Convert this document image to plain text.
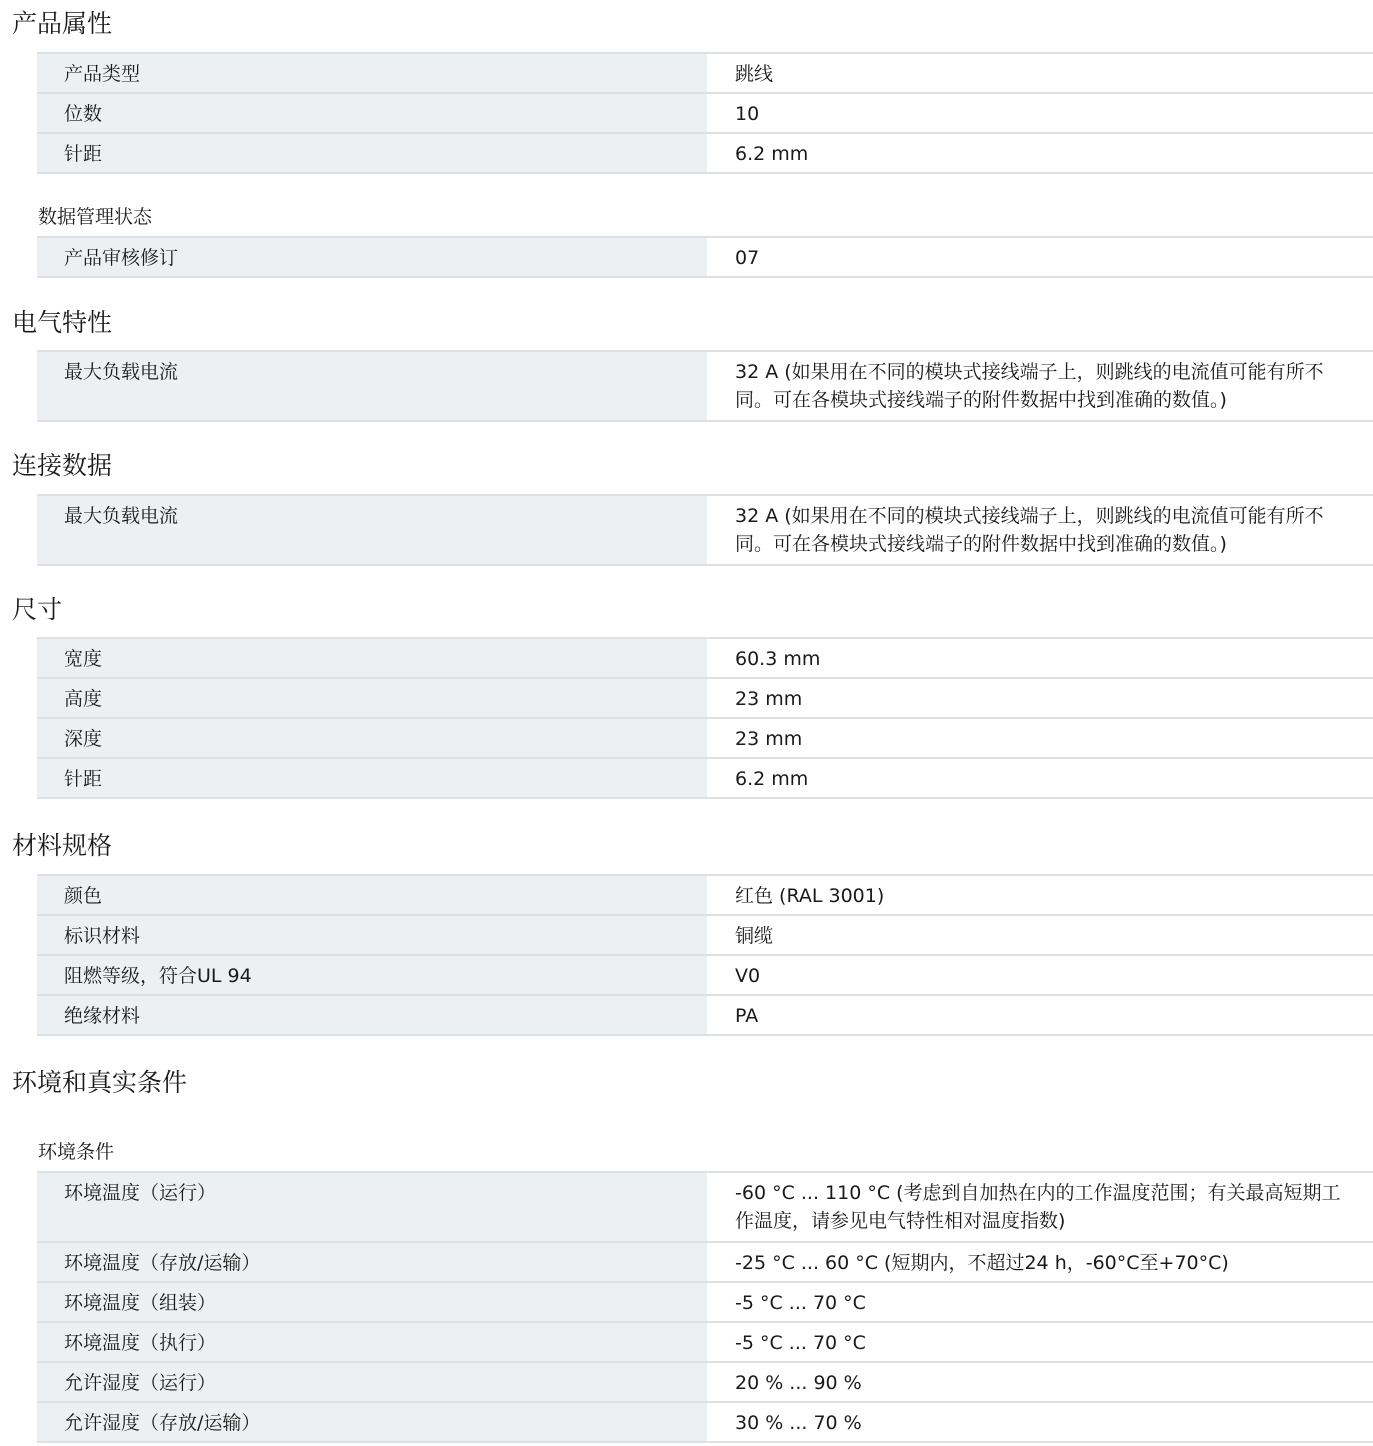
产品属性
产品类型	跳线
位数	10
针距	6.2 mm
数据管理状态
产品审核修订	07
电气特性
最大负载电流	32 A (如果用在不同的模块式接线端子上，则跳线的电流值可能有所不同。可在各模块式接线端子的附件数据中找到准确的数值。)
连接数据
最大负载电流	32 A (如果用在不同的模块式接线端子上，则跳线的电流值可能有所不同。可在各模块式接线端子的附件数据中找到准确的数值。)
尺寸
宽度	60.3 mm
高度	23 mm
深度	23 mm
针距	6.2 mm
材料规格
颜色	红色 (RAL 3001)
标识材料	铜缆
阻燃等级，符合UL 94	V0
绝缘材料	PA
环境和真实条件
环境条件
环境温度（运行）	-60 °C ... 110 °C (考虑到自加热在内的工作温度范围；有关最高短期工作温度，请参见电气特性相对温度指数)
环境温度（存放/运输）	-25 °C ... 60 °C (短期内，不超过24 h，-60°C至+70°C)
环境温度（组装）	-5 °C ... 70 °C
环境温度（执行）	-5 °C ... 70 °C
允许湿度（运行）	20 % ... 90 %
允许湿度（存放/运输）	30 % ... 70 %
